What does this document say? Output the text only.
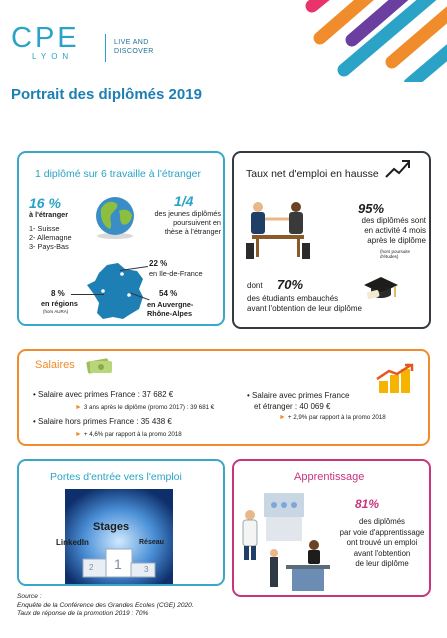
CPE
LYON
LIVE AND
DISCOVER
Portrait des diplômés 2019
1 diplômé sur 6 travaille à l'étranger
16 %
à l'étranger
1- Suisse
2- Allemagne
3- Pays-Bas
1/4
des jeunes diplômés
poursuivent en
thèse à l'étranger
22 %
en Ile-de-France
8 %
en régions
(hors AURA)
54 %
en Auvergne-
Rhône-Alpes
Taux net d'emploi en hausse
95%
des diplômés sont
en activité 4 mois
après le diplôme
(hors poursuite d'études)
dont 70%
des étudiants embauchés
avant l'obtention de leur diplôme
Salaires
• Salaire avec primes France : 37 682 €
► 3 ans après le diplôme (promo 2017) : 39 681 €
• Salaire hors primes France : 35 438 €
► + 4,6% par rapport à la promo 2018
• Salaire avec primes France
et étranger : 40 069 €
► + 2,9% par rapport à la promo 2018
Portes d'entrée vers l'emploi
Stages
LinkedIn	Réseau
1
2	3
Apprentissage
81%
des diplômés
par voie d'apprentissage
ont trouvé un emploi
avant l'obtention
de leur diplôme
Source :
Enquête de la Conférence des Grandes Ecoles (CGE) 2020.
Taux de réponse de la promotion 2019 : 70%
